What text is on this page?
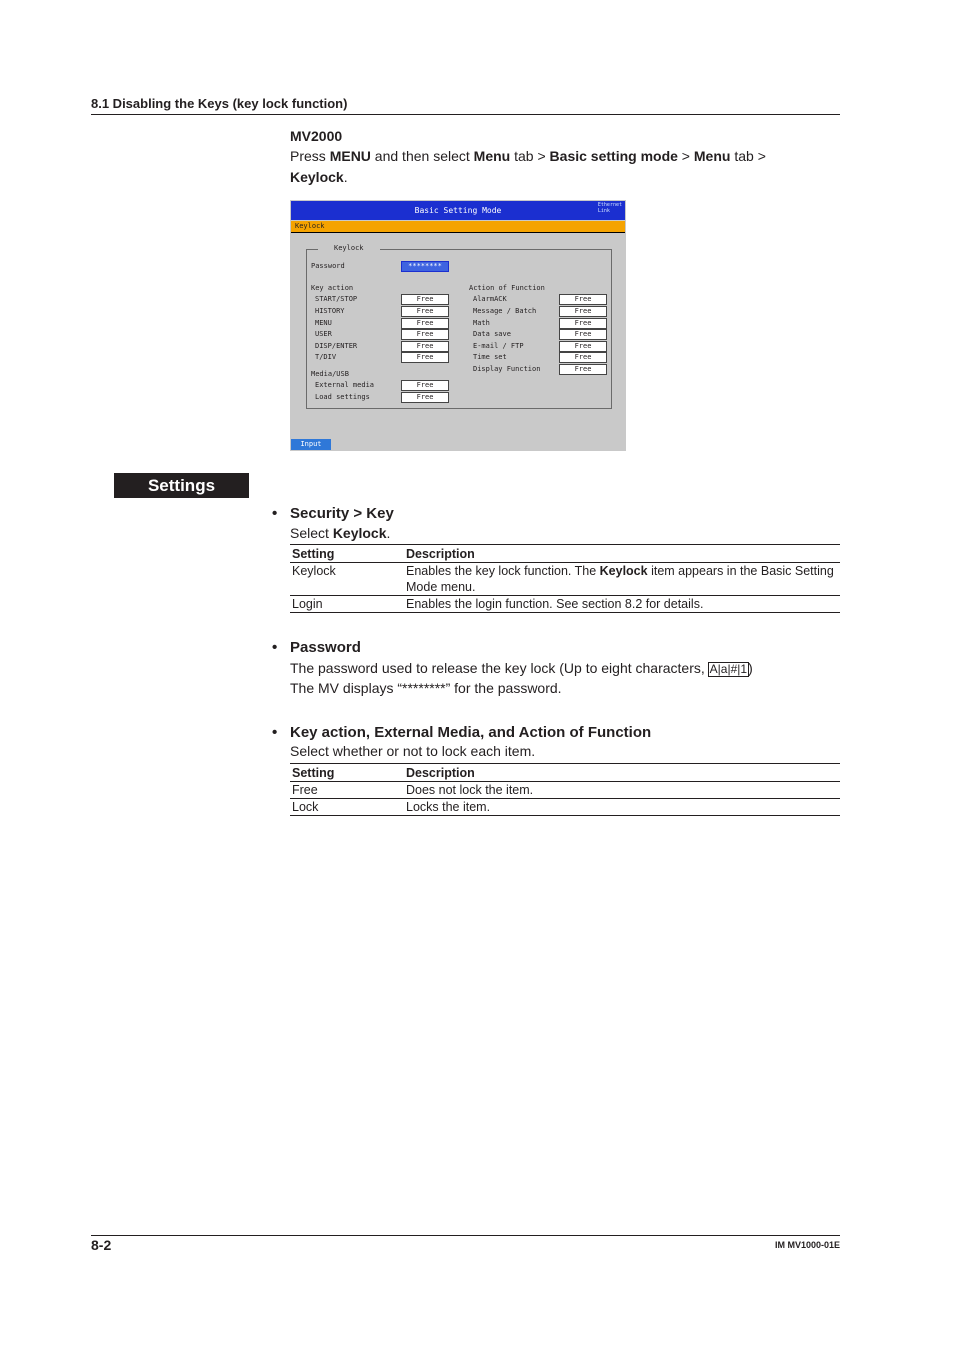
8.1 Disabling the Keys (key lock function)
MV2000
Press MENU and then select Menu tab > Basic setting mode > Menu tab > Keylock.
Basic Setting Mode
Ethernet
Link
Keylock
Keylock
Password	********
Key action
START/STOP	Free
HISTORY	Free
MENU	Free
USER	Free
DISP/ENTER	Free
T/DIV	Free
Media/USB
External media	Free
Load settings	Free
Action of Function
AlarmACK	Free
Message / Batch	Free
Math	Free
Data save	Free
E-mail / FTP	Free
Time set	Free
Display Function	Free
Input
Settings
• Security > Key
Select Keylock.
Setting	Description
Keylock	Enables the key lock function. The Keylock item appears in the Basic Setting Mode menu.
Login	Enables the login function. See section 8.2 for details.
• Password
The password used to release the key lock (Up to eight characters, A|a|#|1)
The MV displays “********” for the password.
• Key action, External Media, and Action of Function
Select whether or not to lock each item.
Setting	Description
Free	Does not lock the item.
Lock	Locks the item.
8-2	IM MV1000-01E
